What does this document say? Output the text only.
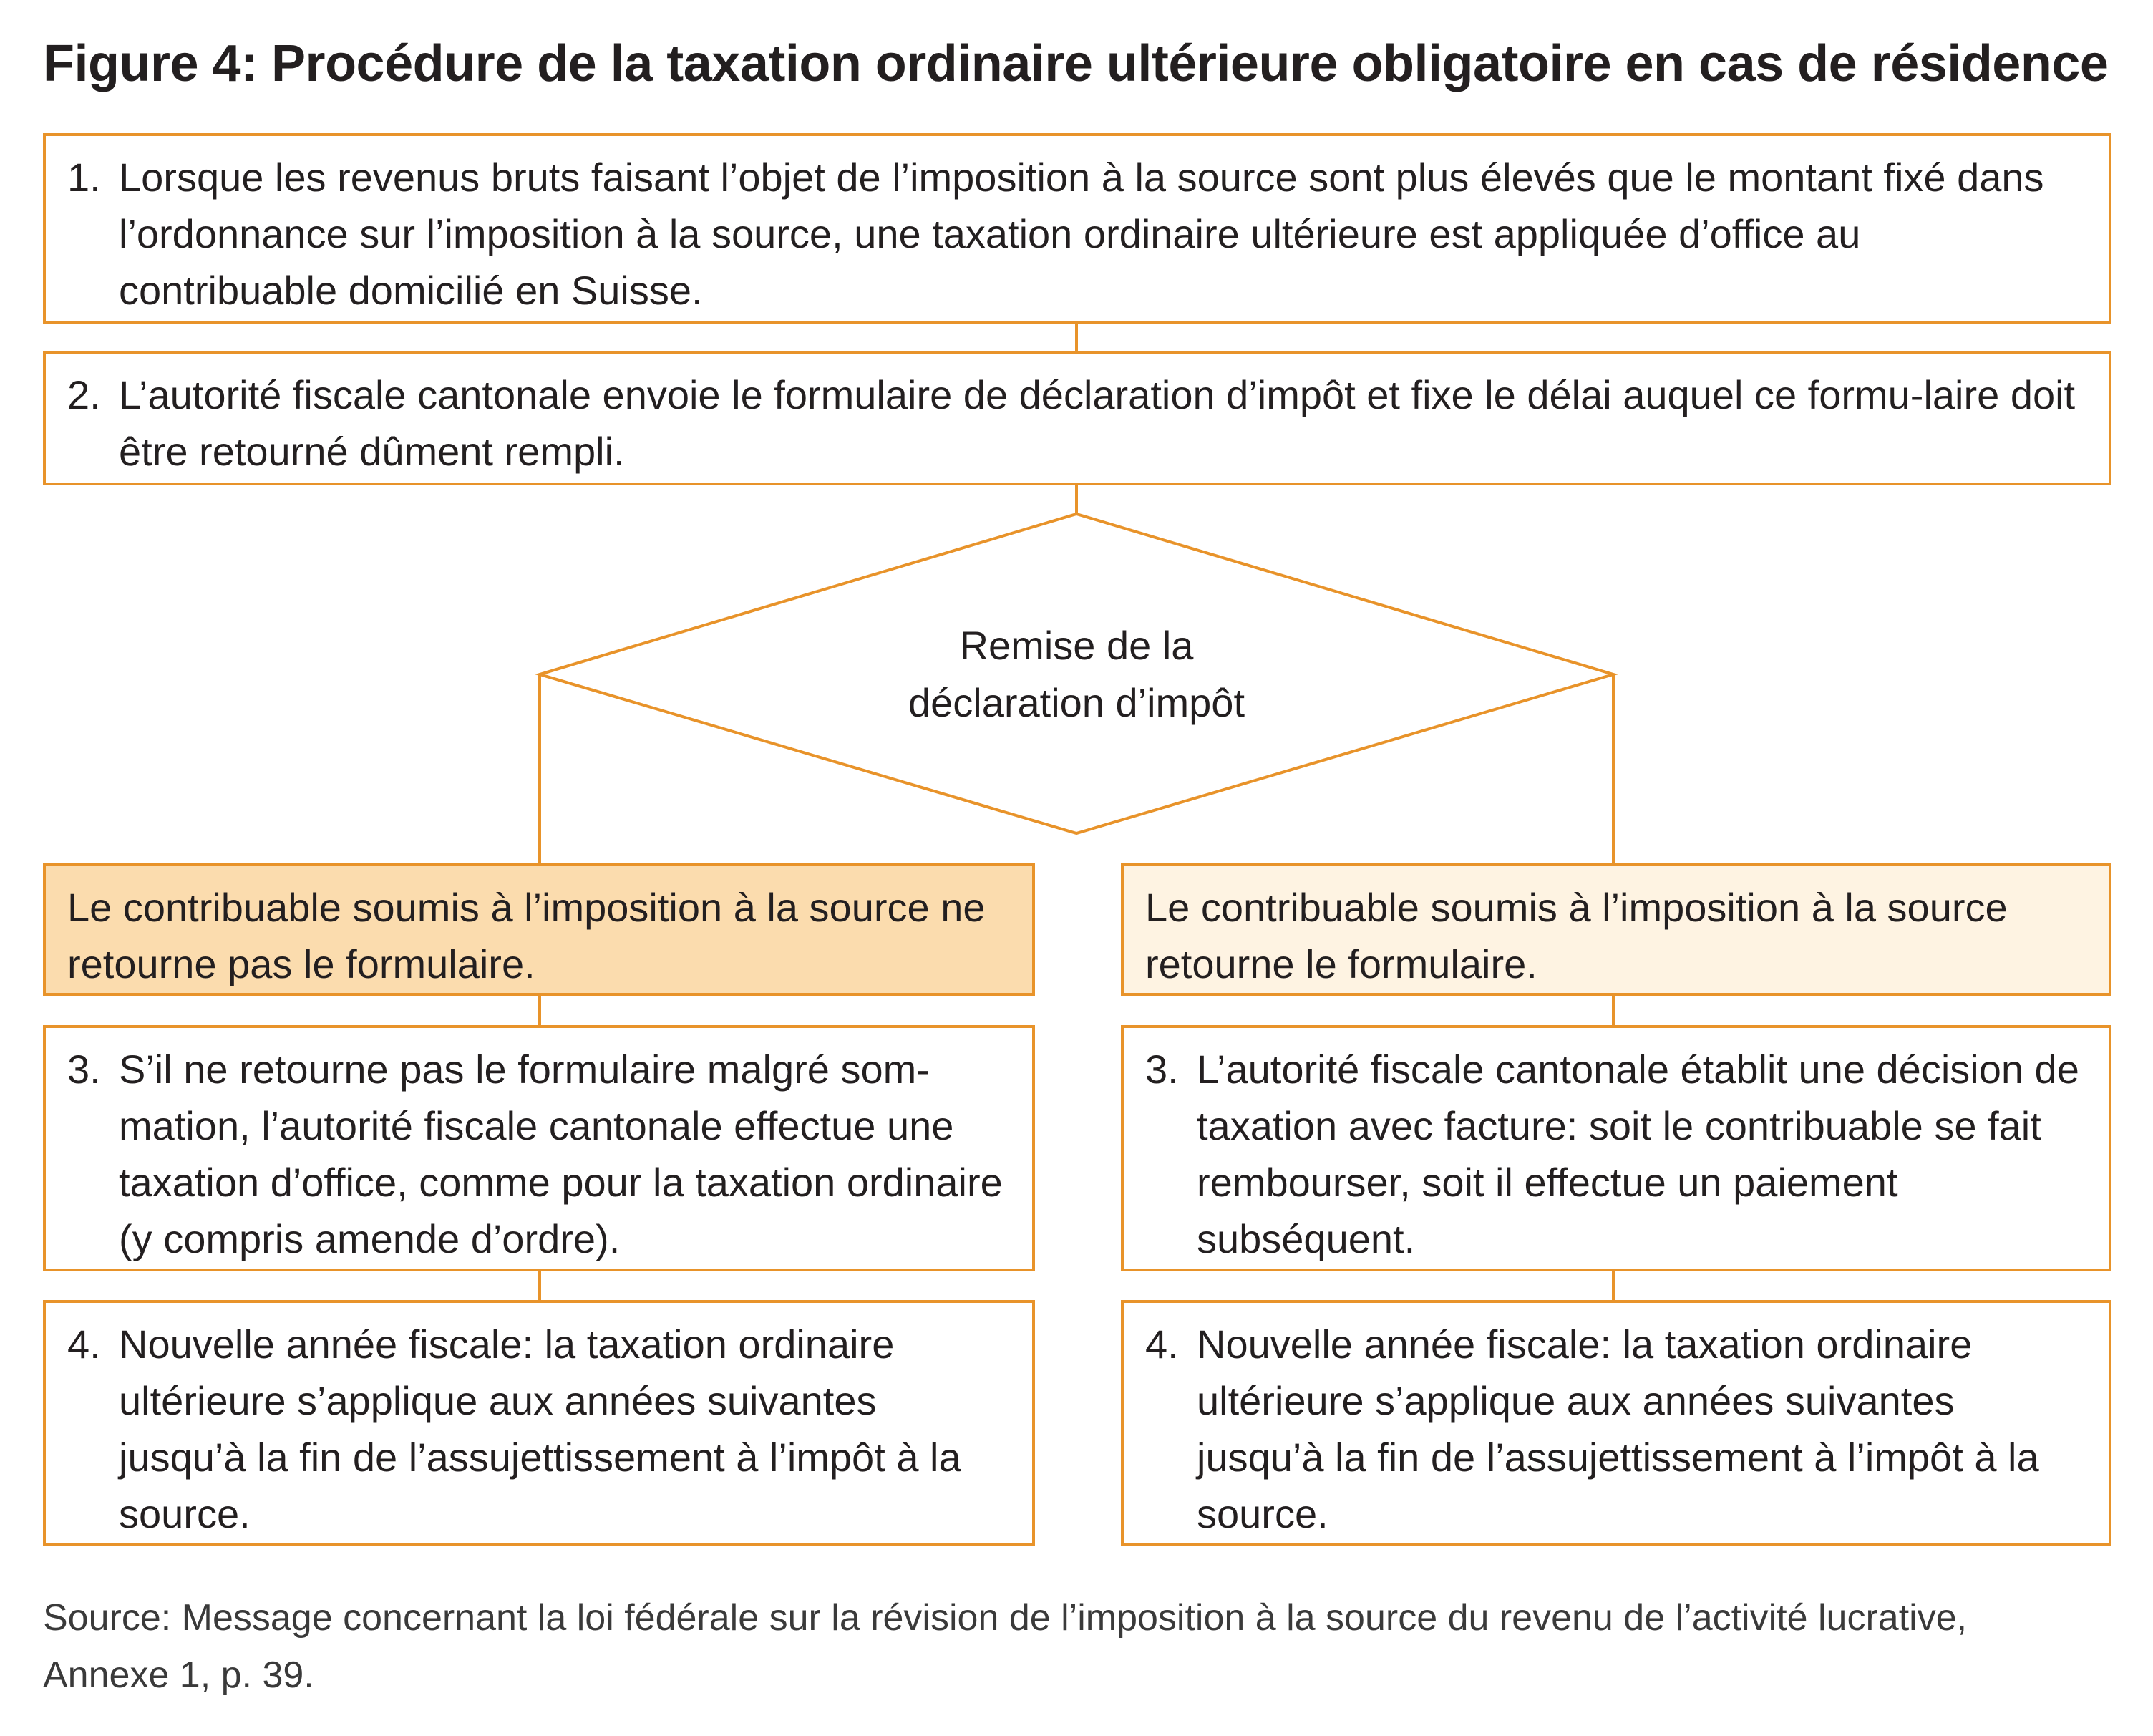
Figure 4: Procédure de la taxation ordinaire ultérieure obligatoire en cas de résidence
1. Lorsque les revenus bruts faisant l’objet de l’imposition à la source sont plus élevés que le montant fixé dans l’ordonnance sur l’imposition à la source, une taxation ordinaire ultérieure est appliquée d’office au contribuable domicilié en Suisse.
2. L’autorité fiscale cantonale envoie le formulaire de déclaration d’impôt et fixe le délai auquel ce formu-laire doit être retourné dûment rempli.
Remise de la
déclaration d’impôt
Le contribuable soumis à l’imposition à la source ne retourne pas le formulaire.
Le contribuable soumis à l’imposition à la source retourne le formulaire.
3. S’il ne retourne pas le formulaire malgré som-mation, l’autorité fiscale cantonale effectue une taxation d’office, comme pour la taxation ordinaire (y compris amende d’ordre).
3. L’autorité fiscale cantonale établit une décision de taxation avec facture: soit le contribuable se fait rembourser, soit il effectue un paiement subséquent.
4. Nouvelle année fiscale: la taxation ordinaire ultérieure s’applique aux années suivantes jusqu’à la fin de l’assujettissement à l’impôt à la source.
4. Nouvelle année fiscale: la taxation ordinaire ultérieure s’applique aux années suivantes jusqu’à la fin de l’assujettissement à l’impôt à la source.
Source: Message concernant la loi fédérale sur la révision de l’imposition à la source du revenu de l’activité lucrative,
Annexe 1, p. 39.
